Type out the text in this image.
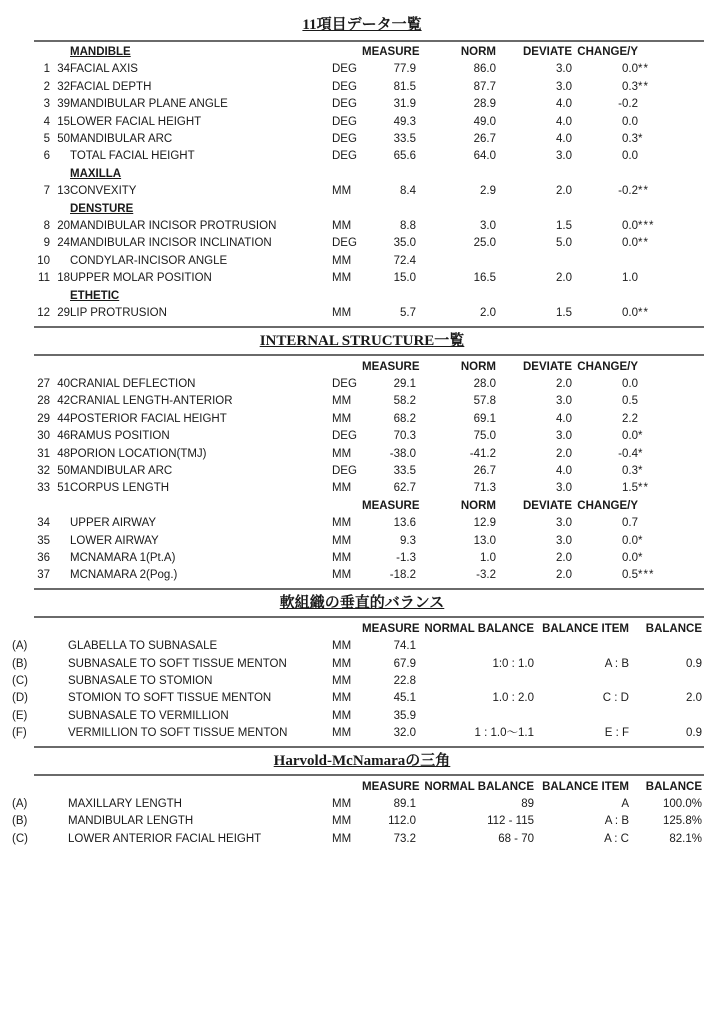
11項目データ一覧
		MANDIBLE		MEASURE	NORM	DEVIATE	CHANGE/Y	
1	34	FACIAL AXIS	DEG	77.9	86.0	3.0	0.0	**
2	32	FACIAL DEPTH	DEG	81.5	87.7	3.0	0.3	**
3	39	MANDIBULAR PLANE ANGLE	DEG	31.9	28.9	4.0	-0.2	
4	15	LOWER FACIAL HEIGHT	DEG	49.3	49.0	4.0	0.0	
5	50	MANDIBULAR ARC	DEG	33.5	26.7	4.0	0.3	*
6		TOTAL FACIAL HEIGHT	DEG	65.6	64.0	3.0	0.0	
		MAXILLA						
7	13	CONVEXITY	MM	8.4	2.9	2.0	-0.2	**
		DENSTURE						
8	20	MANDIBULAR INCISOR PROTRUSION	MM	8.8	3.0	1.5	0.0	***
9	24	MANDIBULAR INCISOR INCLINATION	DEG	35.0	25.0	5.0	0.0	**
10		CONDYLAR-INCISOR ANGLE	MM	72.4				
11	18	UPPER MOLAR POSITION	MM	15.0	16.5	2.0	1.0	
		ETHETIC						
12	29	LIP PROTRUSION	MM	5.7	2.0	1.5	0.0	**
INTERNAL STRUCTURE一覧
				MEASURE	NORM	DEVIATE	CHANGE/Y	
27	40	CRANIAL DEFLECTION	DEG	29.1	28.0	2.0	0.0	
28	42	CRANIAL LENGTH-ANTERIOR	MM	58.2	57.8	3.0	0.5	
29	44	POSTERIOR FACIAL HEIGHT	MM	68.2	69.1	4.0	2.2	
30	46	RAMUS POSITION	DEG	70.3	75.0	3.0	0.0	*
31	48	PORION LOCATION(TMJ)	MM	-38.0	-41.2	2.0	-0.4	*
32	50	MANDIBULAR ARC	DEG	33.5	26.7	4.0	0.3	*
33	51	CORPUS LENGTH	MM	62.7	71.3	3.0	1.5	**
				MEASURE	NORM	DEVIATE	CHANGE/Y	
34		UPPER AIRWAY	MM	13.6	12.9	3.0	0.7	
35		LOWER AIRWAY	MM	9.3	13.0	3.0	0.0	*
36		MCNAMARA 1(Pt.A)	MM	-1.3	1.0	2.0	0.0	*
37		MCNAMARA 2(Pog.)	MM	-18.2	-3.2	2.0	0.5	***
軟組織の垂直的バランス
			MEASURE	NORMAL BALANCE	BALANCE ITEM	BALANCE	
(A)	GLABELLA TO SUBNASALE	MM	74.1				
(B)	SUBNASALE TO SOFT TISSUE MENTON	MM	67.9	1:0 : 1.0	A : B	0.9	
(C)	SUBNASALE TO STOMION	MM	22.8				
(D)	STOMION TO SOFT TISSUE MENTON	MM	45.1	1.0 : 2.0	C : D	2.0	
(E)	SUBNASALE TO VERMILLION	MM	35.9				
(F)	VERMILLION TO SOFT TISSUE MENTON	MM	32.0	1 : 1.0〜1.1	E : F	0.9	
Harvold-McNamaraの三角
			MEASURE	NORMAL BALANCE	BALANCE ITEM	BALANCE	
(A)	MAXILLARY LENGTH	MM	89.1	89	A	100.0%	
(B)	MANDIBULAR LENGTH	MM	112.0	112 - 115	A : B	125.8%	
(C)	LOWER ANTERIOR FACIAL HEIGHT	MM	73.2	68 - 70	A : C	82.1%	
